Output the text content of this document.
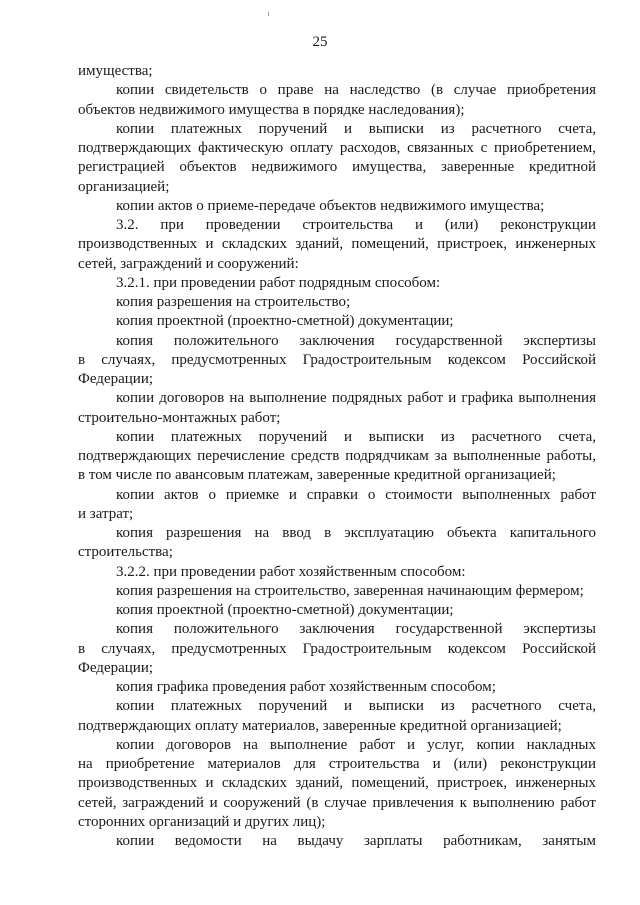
25
имущества;
копии свидетельств о праве на наследство (в случае приобретения
объектов недвижимого имущества в порядке наследования);
копии платежных поручений и выписки из расчетного счета,
подтверждающих фактическую оплату расходов, связанных с приобретением,
регистрацией объектов недвижимого имущества, заверенные кредитной
организацией;
копии актов о приеме-передаче объектов недвижимого имущества;
3.2. при проведении строительства и (или) реконструкции
производственных и складских зданий, помещений, пристроек, инженерных
сетей, заграждений и сооружений:
3.2.1. при проведении работ подрядным способом:
копия разрешения на строительство;
копия проектной (проектно-сметной) документации;
копия положительного заключения государственной экспертизы
в случаях, предусмотренных Градостроительным кодексом Российской
Федерации;
копии договоров на выполнение подрядных работ и графика выполнения
строительно-монтажных работ;
копии платежных поручений и выписки из расчетного счета,
подтверждающих перечисление средств подрядчикам за выполненные работы,
в том числе по авансовым платежам, заверенные кредитной организацией;
копии актов о приемке и справки о стоимости выполненных работ
и затрат;
копия разрешения на ввод в эксплуатацию объекта капитального
строительства;
3.2.2. при проведении работ хозяйственным способом:
копия разрешения на строительство, заверенная начинающим фермером;
копия проектной (проектно-сметной) документации;
копия положительного заключения государственной экспертизы
в случаях, предусмотренных Градостроительным кодексом Российской
Федерации;
копия графика проведения работ хозяйственным способом;
копии платежных поручений и выписки из расчетного счета,
подтверждающих оплату материалов, заверенные кредитной организацией;
копии договоров на выполнение работ и услуг, копии накладных
на приобретение материалов для строительства и (или) реконструкции
производственных и складских зданий, помещений, пристроек, инженерных
сетей, заграждений и сооружений (в случае привлечения к выполнению работ
сторонних организаций и других лиц);
копии ведомости на выдачу зарплаты работникам, занятым
